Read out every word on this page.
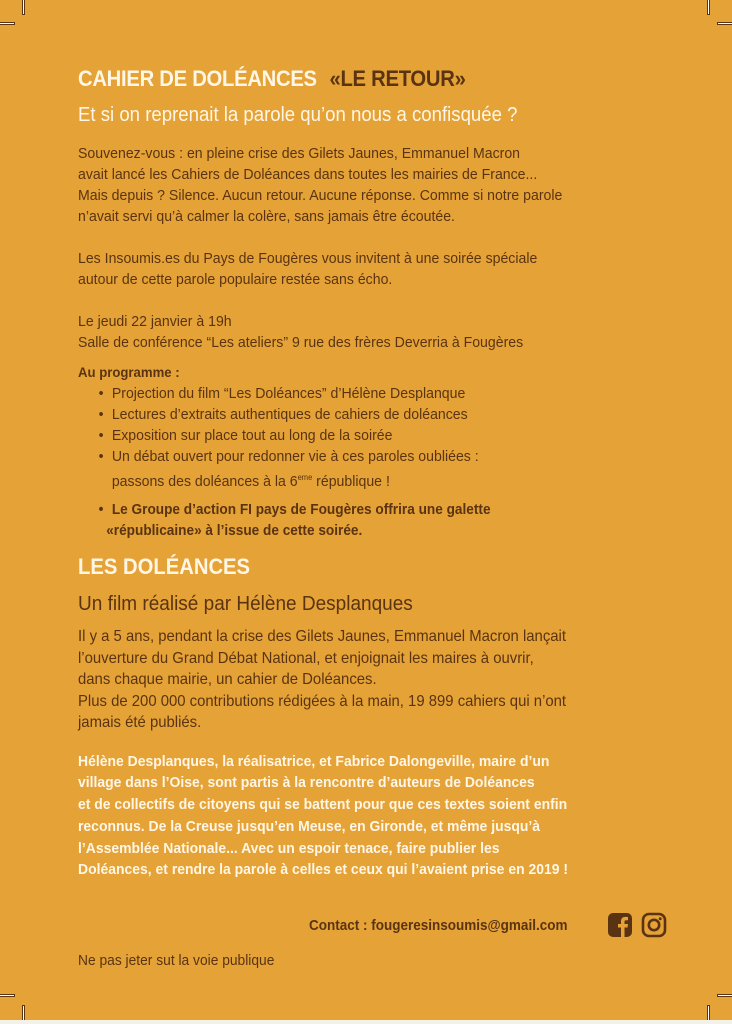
CAHIER DE DOLÉANCES «LE RETOUR»
Et si on reprenait la parole qu’on nous a confisquée ?
Souvenez-vous : en pleine crise des Gilets Jaunes, Emmanuel Macron
avait lancé les Cahiers de Doléances dans toutes les mairies de France...
Mais depuis ? Silence. Aucun retour. Aucune réponse. Comme si notre parole
n’avait servi qu’à calmer la colère, sans jamais être écoutée.
Les Insoumis.es du Pays de Fougères vous invitent à une soirée spéciale
autour de cette parole populaire restée sans écho.
Le jeudi 22 janvier à 19h
Salle de conférence “Les ateliers” 9 rue des frères Deverria à Fougères
Au programme :
• Projection du film “Les Doléances” d’Hélène Desplanque
• Lectures d’extraits authentiques de cahiers de doléances
• Exposition sur place tout au long de la soirée
• Un débat ouvert pour redonner vie à ces paroles oubliées :
passons des doléances à la 6eme république !
• Le Groupe d’action FI pays de Fougères offrira une galette
«républicaine» à l’issue de cette soirée.
LES DOLÉANCES
Un film réalisé par Hélène Desplanques
Il y a 5 ans, pendant la crise des Gilets Jaunes, Emmanuel Macron lançait
l’ouverture du Grand Débat National, et enjoignait les maires à ouvrir,
dans chaque mairie, un cahier de Doléances.
Plus de 200 000 contributions rédigées à la main, 19 899 cahiers qui n’ont
jamais été publiés.
Hélène Desplanques, la réalisatrice, et Fabrice Dalongeville, maire d’un
village dans l’Oise, sont partis à la rencontre d’auteurs de Doléances
et de collectifs de citoyens qui se battent pour que ces textes soient enfin
reconnus. De la Creuse jusqu’en Meuse, en Gironde, et même jusqu’à
l’Assemblée Nationale... Avec un espoir tenace, faire publier les
Doléances, et rendre la parole à celles et ceux qui l’avaient prise en 2019 !
Contact : fougeresinsoumis@gmail.com
Ne pas jeter sut la voie publique
